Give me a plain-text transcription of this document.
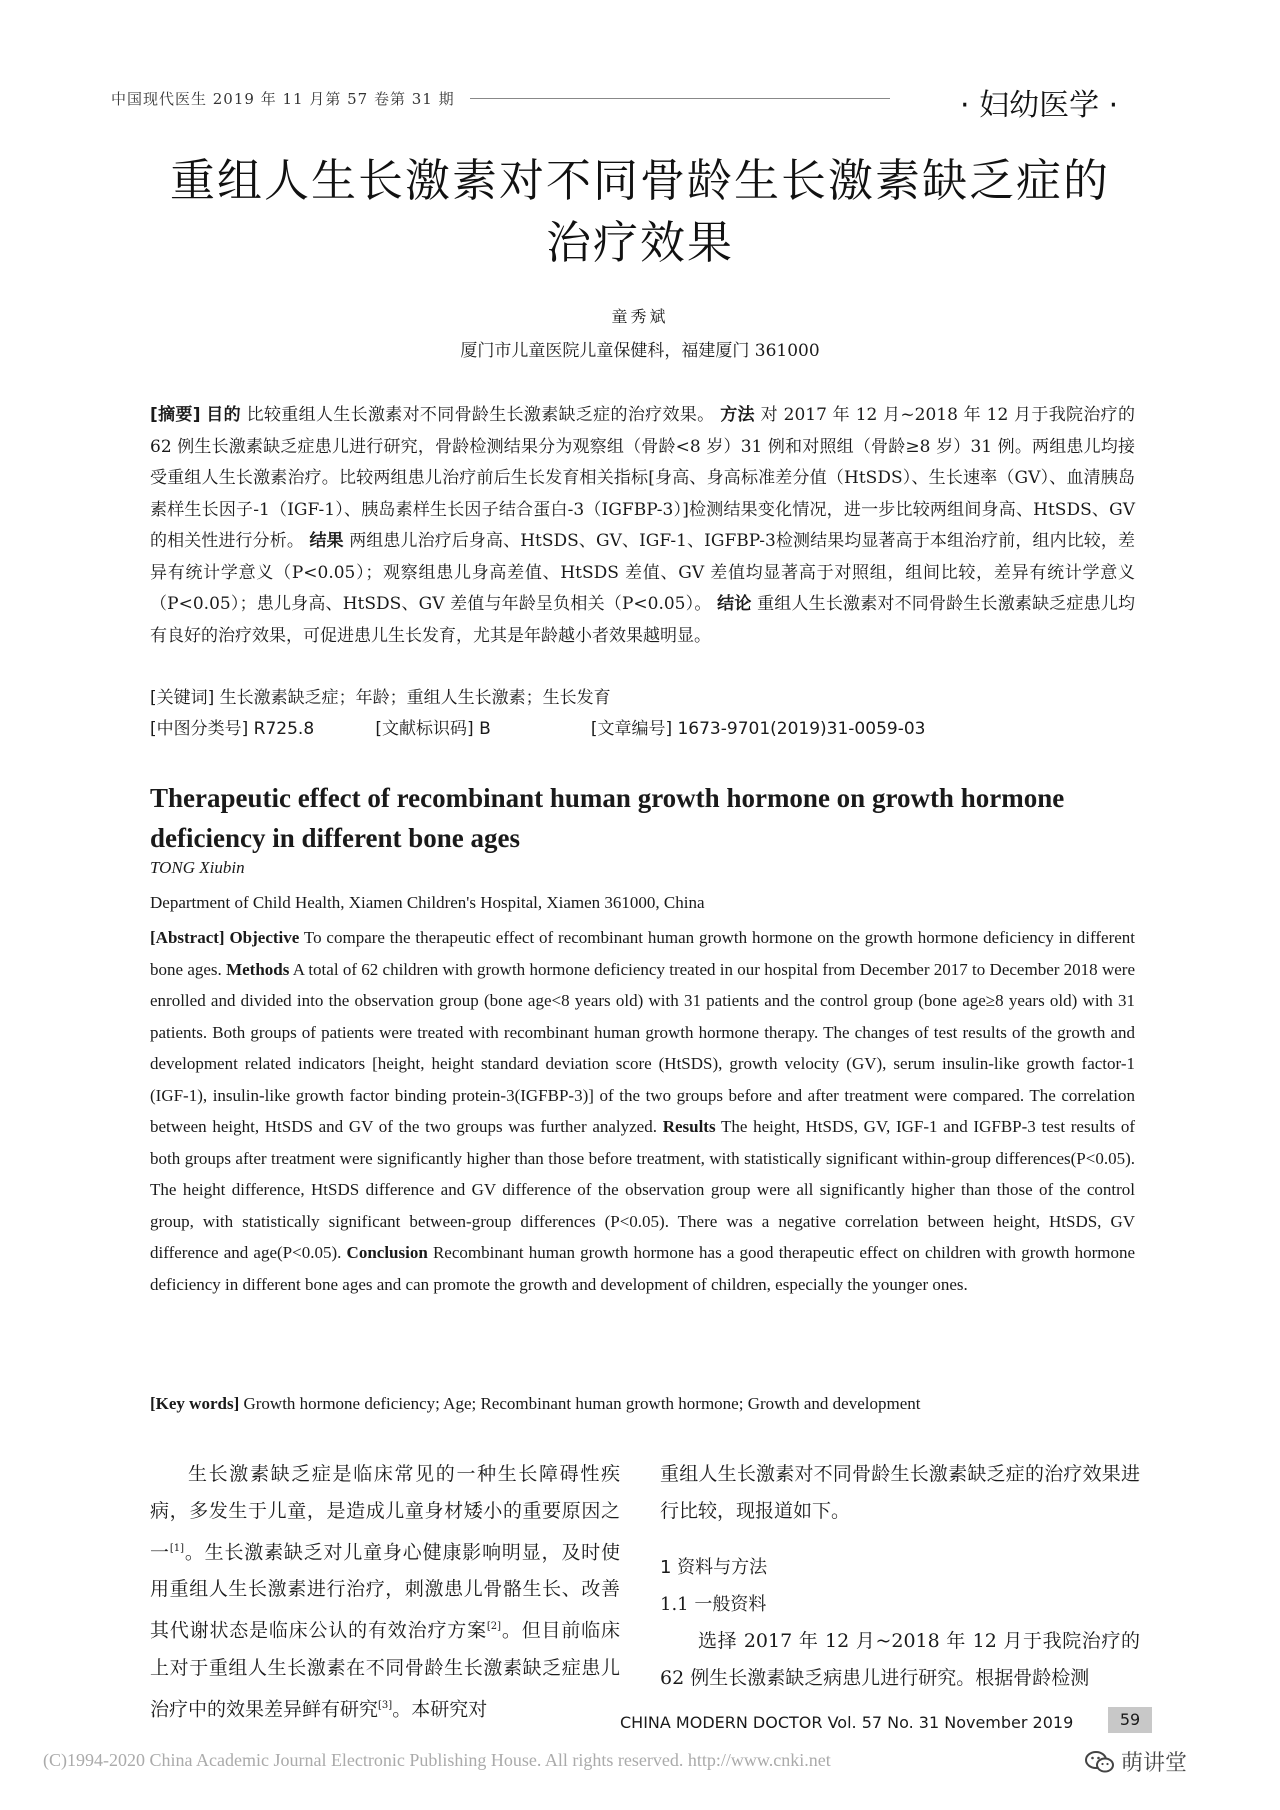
中国现代医生 2019 年 11 月第 57 卷第 31 期	· 妇幼医学 ·
重组人生长激素对不同骨龄生长激素缺乏症的
治疗效果
童秀斌
厦门市儿童医院儿童保健科，福建厦门 361000
[摘要] 目的 比较重组人生长激素对不同骨龄生长激素缺乏症的治疗效果。 方法 对 2017 年 12 月~2018 年 12 月于我院治疗的 62 例生长激素缺乏症患儿进行研究，骨龄检测结果分为观察组（骨龄<8 岁）31 例和对照组（骨龄≥8 岁）31 例。两组患儿均接受重组人生长激素治疗。比较两组患儿治疗前后生长发育相关指标[身高、身高标准差分值（HtSDS）、生长速率（GV）、血清胰岛素样生长因子-1（IGF-1）、胰岛素样生长因子结合蛋白-3（IGFBP-3）]检测结果变化情况，进一步比较两组间身高、HtSDS、GV 的相关性进行分析。 结果 两组患儿治疗后身高、HtSDS、GV、IGF-1、IGFBP-3检测结果均显著高于本组治疗前，组内比较，差异有统计学意义（P<0.05）；观察组患儿身高差值、HtSDS 差值、GV 差值均显著高于对照组，组间比较，差异有统计学意义（P<0.05）；患儿身高、HtSDS、GV 差值与年龄呈负相关（P<0.05）。 结论 重组人生长激素对不同骨龄生长激素缺乏症患儿均有良好的治疗效果，可促进患儿生长发育，尤其是年龄越小者效果越明显。
[关键词] 生长激素缺乏症；年龄；重组人生长激素；生长发育
[中图分类号] R725.8	[文献标识码] B	[文章编号] 1673-9701(2019)31-0059-03
Therapeutic effect of recombinant human growth hormone on growth hormone deficiency in different bone ages
TONG Xiubin
Department of Child Health, Xiamen Children's Hospital, Xiamen 361000, China
[Abstract] Objective To compare the therapeutic effect of recombinant human growth hormone on the growth hormone deficiency in different bone ages. Methods A total of 62 children with growth hormone deficiency treated in our hospital from December 2017 to December 2018 were enrolled and divided into the observation group (bone age<8 years old) with 31 patients and the control group (bone age≥8 years old) with 31 patients. Both groups of patients were treated with recombinant human growth hormone therapy. The changes of test results of the growth and development related indicators [height, height standard deviation score (HtSDS), growth velocity (GV), serum insulin-like growth factor-1 (IGF-1), insulin-like growth factor binding protein-3(IGFBP-3)] of the two groups before and after treatment were compared. The correlation between height, HtSDS and GV of the two groups was further analyzed. Results The height, HtSDS, GV, IGF-1 and IGFBP-3 test results of both groups after treatment were significantly higher than those before treatment, with statistically significant within-group differences(P<0.05). The height difference, HtSDS difference and GV difference of the observation group were all significantly higher than those of the control group, with statistically significant between-group differences (P<0.05). There was a negative correlation between height, HtSDS, GV difference and age(P<0.05). Conclusion Recombinant human growth hormone has a good therapeutic effect on children with growth hormone deficiency in different bone ages and can promote the growth and development of children, especially the younger ones.
[Key words] Growth hormone deficiency; Age; Recombinant human growth hormone; Growth and development
生长激素缺乏症是临床常见的一种生长障碍性疾病，多发生于儿童，是造成儿童身材矮小的重要原因之一[1]。生长激素缺乏对儿童身心健康影响明显，及时使用重组人生长激素进行治疗，刺激患儿骨骼生长、改善其代谢状态是临床公认的有效治疗方案[2]。但目前临床上对于重组人生长激素在不同骨龄生长激素缺乏症患儿治疗中的效果差异鲜有研究[3]。本研究对
重组人生长激素对不同骨龄生长激素缺乏症的治疗效果进行比较，现报道如下。
1 资料与方法
1.1 一般资料
选择 2017 年 12 月~2018 年 12 月于我院治疗的 62 例生长激素缺乏病患儿进行研究。根据骨龄检测
CHINA MODERN DOCTOR Vol. 57 No. 31 November 2019	59
(C)1994-2020 China Academic Journal Electronic Publishing House. All rights reserved. http://www.cnki.net	萌讲堂
